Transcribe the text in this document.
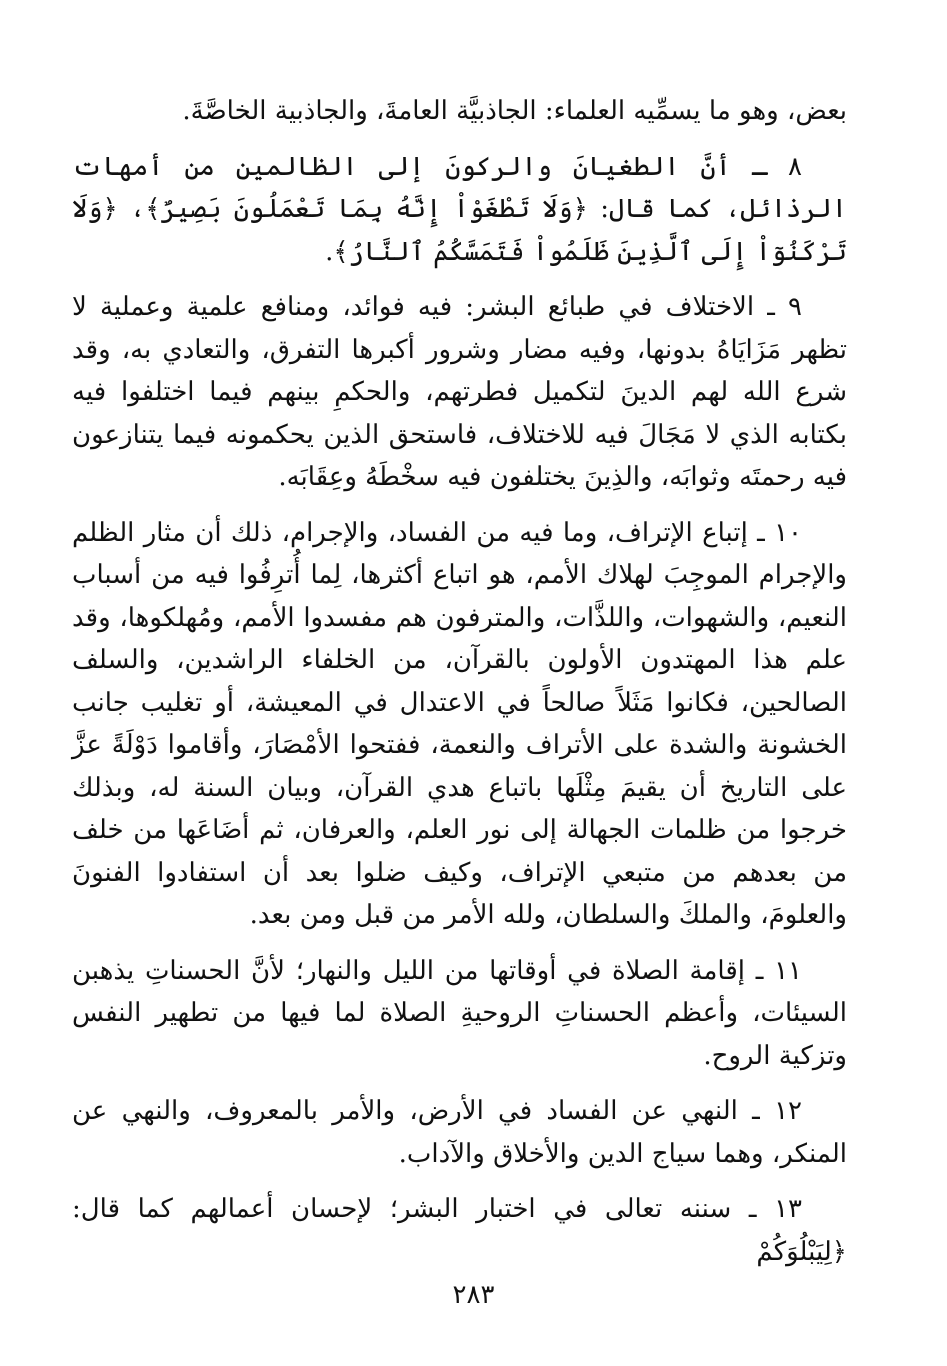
بعض، وهو ما يسمِّيه العلماء: الجاذبيَّة العامةَ، والجاذبية الخاصَّةَ.

٨ ـ أنَّ الطغيانَ والركونَ إلى الظالمين من أمهات الرذائل، كما قال: ﴿وَلَا تَطْغَوْاْ إِنَّهُ بِمَا تَعْمَلُونَ بَصِيرٌ﴾، ﴿وَلَا تَرْكَنُوٓاْ إِلَى ٱلَّذِينَ ظَلَمُواْ فَتَمَسَّكُمُ ٱلنَّارُ﴾.

٩ ـ الاختلاف في طبائع البشر: فيه فوائد، ومنافع علمية وعملية لا تظهر مَزَايَاهُ بدونها، وفيه مضار وشرور أكبرها التفرق، والتعادي به، وقد شرع الله لهم الدينَ لتكميل فطرتهم، والحكمِ بينهم فيما اختلفوا فيه بكتابه الذي لا مَجَالَ فيه للاختلاف، فاستحق الذين يحكمونه فيما يتنازعون فيه رحمتَه وثوابَه، والذِينَ يختلفون فيه سخْطَهُ وعِقَابَه.

١٠ ـ إتباع الإتراف، وما فيه من الفساد، والإجرام، ذلك أن مثار الظلم والإجرام الموجِبَ لهلاك الأمم، هو اتباع أكثرها، لِما أُترِفُوا فيه من أسباب النعيم، والشهوات، واللذَّات، والمترفون هم مفسدوا الأمم، ومُهلكوها، وقد علم هذا المهتدون الأولون بالقرآن، من الخلفاء الراشدين، والسلف الصالحين، فكانوا مَثَلاً صالحاً في الاعتدال في المعيشة، أو تغليب جانب الخشونة والشدة على الأتراف والنعمة، ففتحوا الأمْصَارَ، وأقاموا دَوْلَةً عزَّ على التاريخ أن يقيمَ مِثْلَها باتباع هدي القرآن، وبيان السنة له، وبذلك خرجوا من ظلمات الجهالة إلى نور العلم، والعرفان، ثم أضَاعَها من خلف من بعدهم من متبعي الإتراف، وكيف ضلوا بعد أن استفادوا الفنونَ والعلومَ، والملكَ والسلطان، ولله الأمر من قبل ومن بعد.

١١ ـ إقامة الصلاة في أوقاتها من الليل والنهار؛ لأنَّ الحسناتِ يذهبن السيئات، وأعظم الحسناتِ الروحيةِ الصلاة لما فيها من تطهير النفس وتزكية الروح.

١٢ ـ النهي عن الفساد في الأرض، والأمر بالمعروف، والنهي عن المنكر، وهما سياج الدين والأخلاق والآداب.

١٣ ـ سننه تعالى في اختبار البشر؛ لإحسان أعمالهم كما قال: ﴿لِيَبْلُوَكُمْ

٢٨٣
